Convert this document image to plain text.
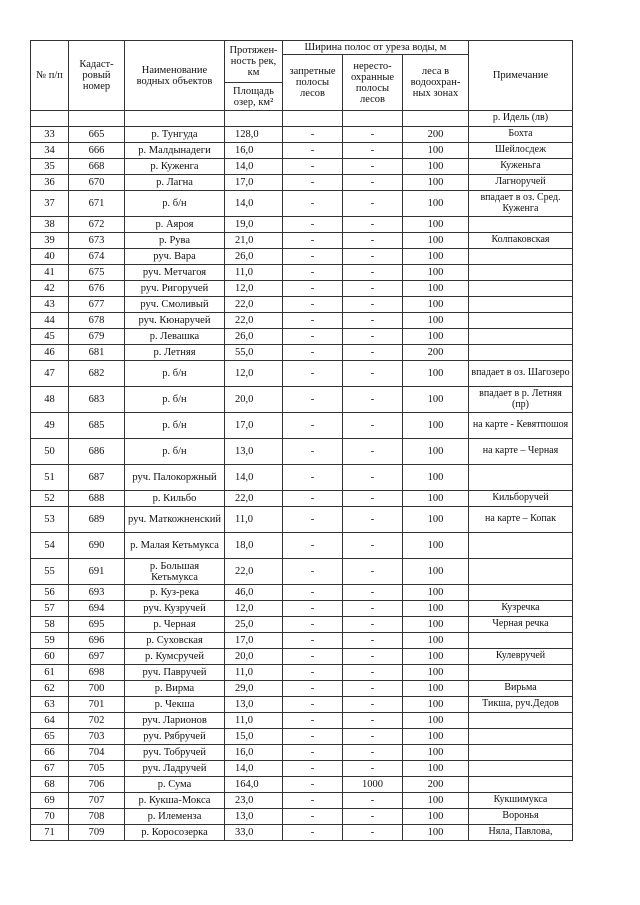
№ п/п	Кадаст-ровый номер	Наименование водных объектов	Протяжен-ность рек, км	Ширина полос от уреза воды, м			Примечание
				запретные полосы лесов	нересто-охранные полосы лесов	леса в водоохран-ных зонах	
			Площадь озер, км²				
							р. Идель (лв)
33	665	р. Тунгуда	128,0	-	-	200	Бохта
34	666	р. Малдынадеги	16,0	-	-	100	Шейлосдеж
35	668	р. Куженга	14,0	-	-	100	Куженьга
36	670	р. Лагна	17,0	-	-	100	Лагноручей
37	671	р. б/н	14,0	-	-	100	впадает в оз. Сред. Куженга
38	672	р. Аяроя	19,0	-	-	100	
39	673	р. Рува	21,0	-	-	100	Колпаковская
40	674	руч. Вара	26,0	-	-	100	
41	675	руч. Метчагоя	11,0	-	-	100	
42	676	руч. Ригоручей	12,0	-	-	100	
43	677	руч. Смоливый	22,0	-	-	100	
44	678	руч. Кюнаручей	22,0	-	-	100	
45	679	р. Левашка	26,0	-	-	100	
46	681	р. Летняя	55,0	-	-	200	
47	682	р. б/н	12,0	-	-	100	впадает в оз. Шагозеро
48	683	р. б/н	20,0	-	-	100	впадает в р. Летняя (пр)
49	685	р. б/н	17,0	-	-	100	на карте - Кевятпошоя
50	686	р. б/н	13,0	-	-	100	на карте – Черная
51	687	руч. Палокоржный	14,0	-	-	100	
52	688	р. Кильбо	22,0	-	-	100	Кильборучей
53	689	руч. Маткожненский	11,0	-	-	100	на карте – Копак
54	690	р. Малая Кетьмукса	18,0	-	-	100	
55	691	р. Большая Кетьмукса	22,0	-	-	100	
56	693	р. Куз-река	46,0	-	-	100	
57	694	руч. Кузручей	12,0	-	-	100	Кузречка
58	695	р. Черная	25,0	-	-	100	Черная речка
59	696	р. Суховская	17,0	-	-	100	
60	697	р. Кумсручей	20,0	-	-	100	Кулевручей
61	698	руч. Павручей	11,0	-	-	100	
62	700	р. Вирма	29,0	-	-	100	Вирьма
63	701	р. Чекша	13,0	-	-	100	Тикша, руч.Дедов
64	702	руч. Ларионов	11,0	-	-	100	
65	703	руч. Рябручей	15,0	-	-	100	
66	704	руч. Тобручей	16,0	-	-	100	
67	705	руч. Ладручей	14,0	-	-	100	
68	706	р. Сума	164,0	-	1000	200	
69	707	р. Кукша-Мокса	23,0	-	-	100	Кукшимукса
70	708	р. Илемензa	13,0	-	-	100	Воронья
71	709	р. Коросозерка	33,0	-	-	100	Няла, Павлова,
